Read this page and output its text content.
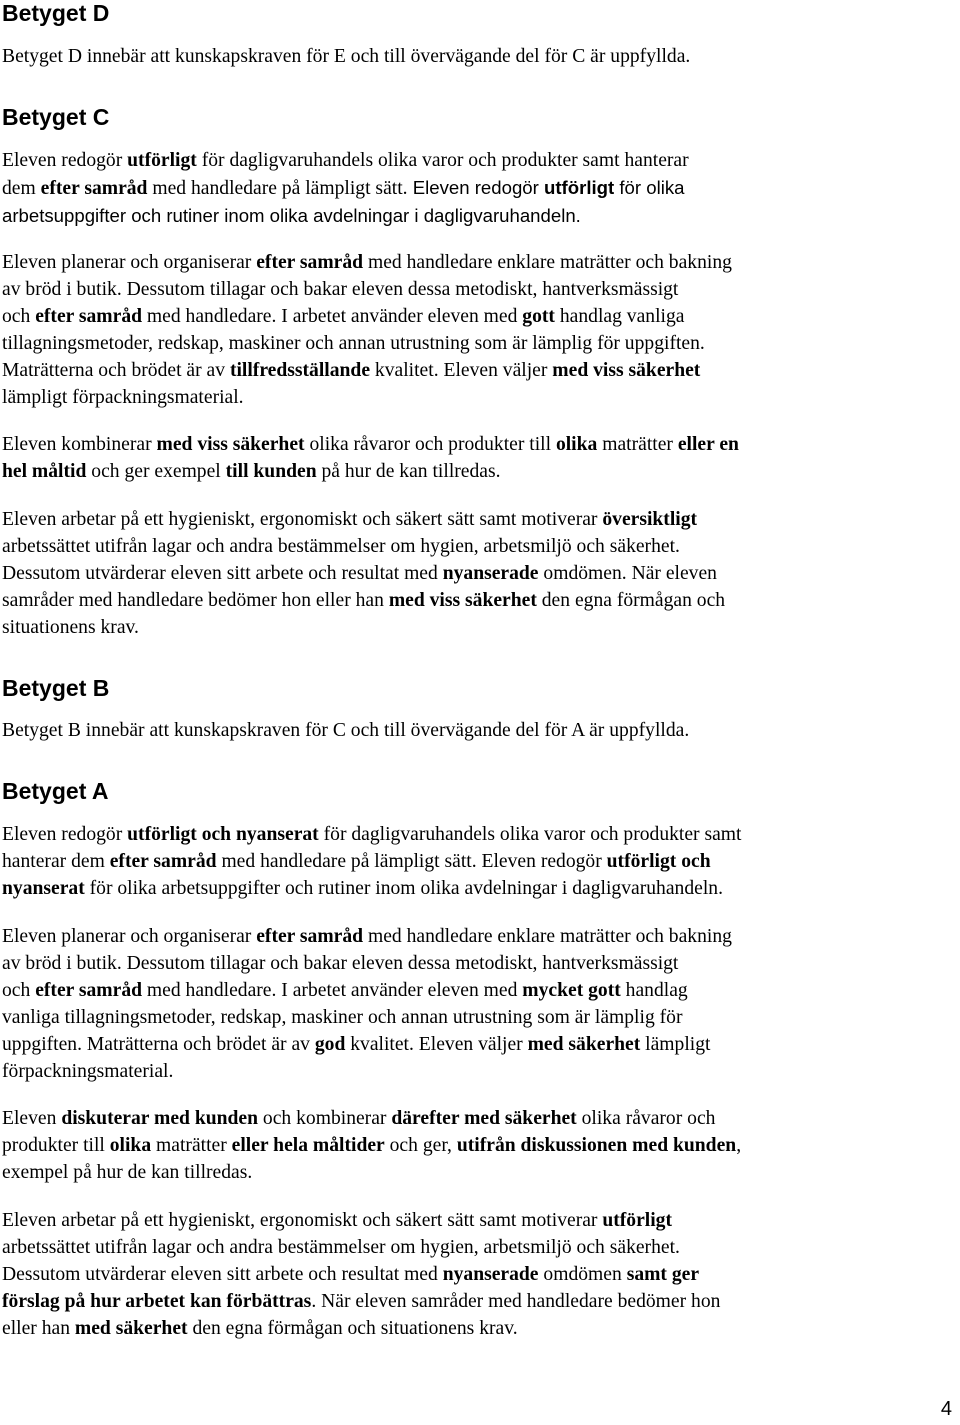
Betyget D
Betyget D innebär att kunskapskraven för E och till övervägande del för C är uppfyllda.
Betyget C
Eleven redogör utförligt för dagligvaruhandels olika varor och produkter samt hanterar
dem efter samråd med handledare på lämpligt sätt. Eleven redogör utförligt för olika
arbetsuppgifter och rutiner inom olika avdelningar i dagligvaruhandeln.
Eleven planerar och organiserar efter samråd med handledare enklare maträtter och bakning
av bröd i butik. Dessutom tillagar och bakar eleven dessa metodiskt, hantverksmässigt
och efter samråd med handledare. I arbetet använder eleven med gott handlag vanliga
tillagningsmetoder, redskap, maskiner och annan utrustning som är lämplig för uppgiften.
Maträtterna och brödet är av tillfredsställande kvalitet. Eleven väljer med viss säkerhet
lämpligt förpackningsmaterial.
Eleven kombinerar med viss säkerhet olika råvaror och produkter till olika maträtter eller en
hel måltid och ger exempel till kunden på hur de kan tillredas.
Eleven arbetar på ett hygieniskt, ergonomiskt och säkert sätt samt motiverar översiktligt
arbetssättet utifrån lagar och andra bestämmelser om hygien, arbetsmiljö och säkerhet.
Dessutom utvärderar eleven sitt arbete och resultat med nyanserade omdömen. När eleven
samråder med handledare bedömer hon eller han med viss säkerhet den egna förmågan och
situationens krav.
Betyget B
Betyget B innebär att kunskapskraven för C och till övervägande del för A är uppfyllda.
Betyget A
Eleven redogör utförligt och nyanserat för dagligvaruhandels olika varor och produkter samt
hanterar dem efter samråd med handledare på lämpligt sätt. Eleven redogör utförligt och
nyanserat för olika arbetsuppgifter och rutiner inom olika avdelningar i dagligvaruhandeln.
Eleven planerar och organiserar efter samråd med handledare enklare maträtter och bakning
av bröd i butik. Dessutom tillagar och bakar eleven dessa metodiskt, hantverksmässigt
och efter samråd med handledare. I arbetet använder eleven med mycket gott handlag
vanliga tillagningsmetoder, redskap, maskiner och annan utrustning som är lämplig för
uppgiften. Maträtterna och brödet är av god kvalitet. Eleven väljer med säkerhet lämpligt
förpackningsmaterial.
Eleven diskuterar med kunden och kombinerar därefter med säkerhet olika råvaror och
produkter till olika maträtter eller hela måltider och ger, utifrån diskussionen med kunden,
exempel på hur de kan tillredas.
Eleven arbetar på ett hygieniskt, ergonomiskt och säkert sätt samt motiverar utförligt
arbetssättet utifrån lagar och andra bestämmelser om hygien, arbetsmiljö och säkerhet.
Dessutom utvärderar eleven sitt arbete och resultat med nyanserade omdömen samt ger
förslag på hur arbetet kan förbättras. När eleven samråder med handledare bedömer hon
eller han med säkerhet den egna förmågan och situationens krav.
4
